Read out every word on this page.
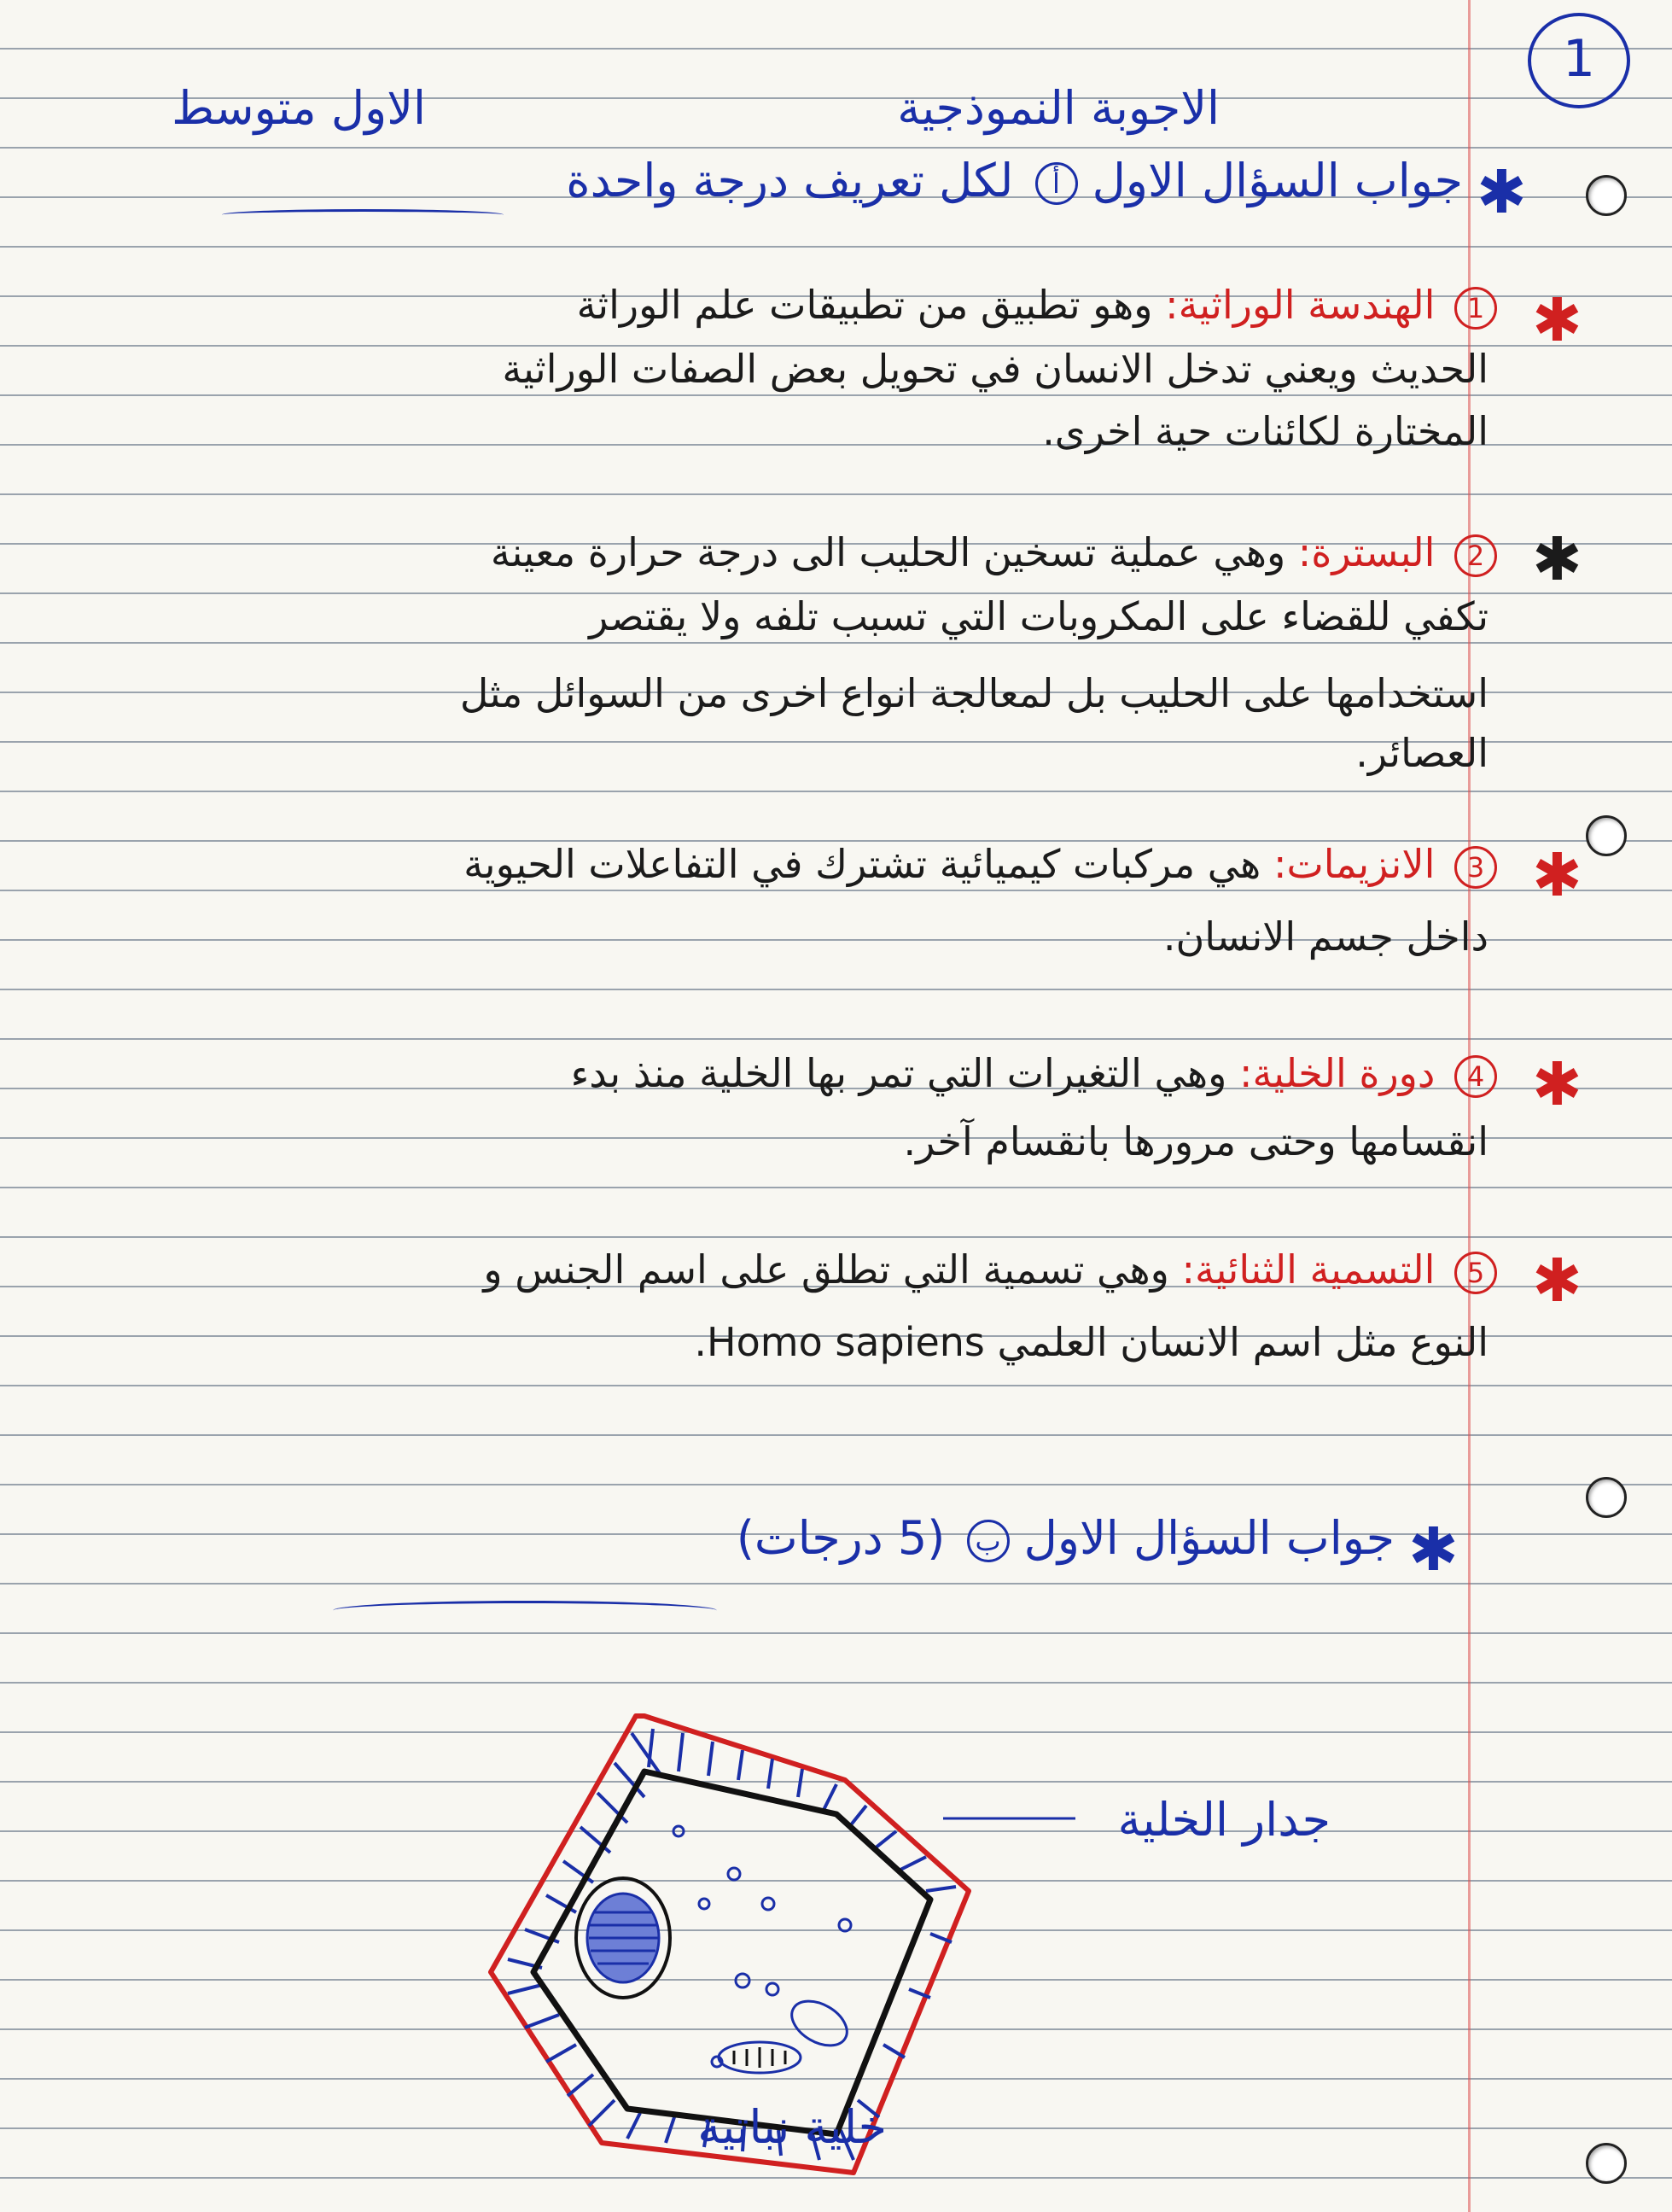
1
الاجوبة النموذجية
الاول متوسط
✱
جواب السؤال الاول أ لكل تعريف درجة واحدة
✱
1 الهندسة الوراثية: وهو تطبيق من تطبيقات علم الوراثة
الحديث ويعني تدخل الانسان في تحويل بعض الصفات الوراثية
المختارة لكائنات حية اخرى.
✱
2 البسترة: وهي عملية تسخين الحليب الى درجة حرارة معينة
تكفي للقضاء على المكروبات التي تسبب تلفه ولا يقتصر
استخدامها على الحليب بل لمعالجة انواع اخرى من السوائل مثل
العصائر.
✱
3 الانزيمات: هي مركبات كيميائية تشترك في التفاعلات الحيوية
داخل جسم الانسان.
✱
4 دورة الخلية: وهي التغيرات التي تمر بها الخلية منذ بدء
انقسامها وحتى مرورها بانقسام آخر.
✱
5 التسمية الثنائية: وهي تسمية التي تطلق على اسم الجنس و
النوع مثل اسم الانسان العلمي Homo sapiens.
✱
جواب السؤال الاول ب (5 درجات)
جدار الخلية
خلية نباتية
